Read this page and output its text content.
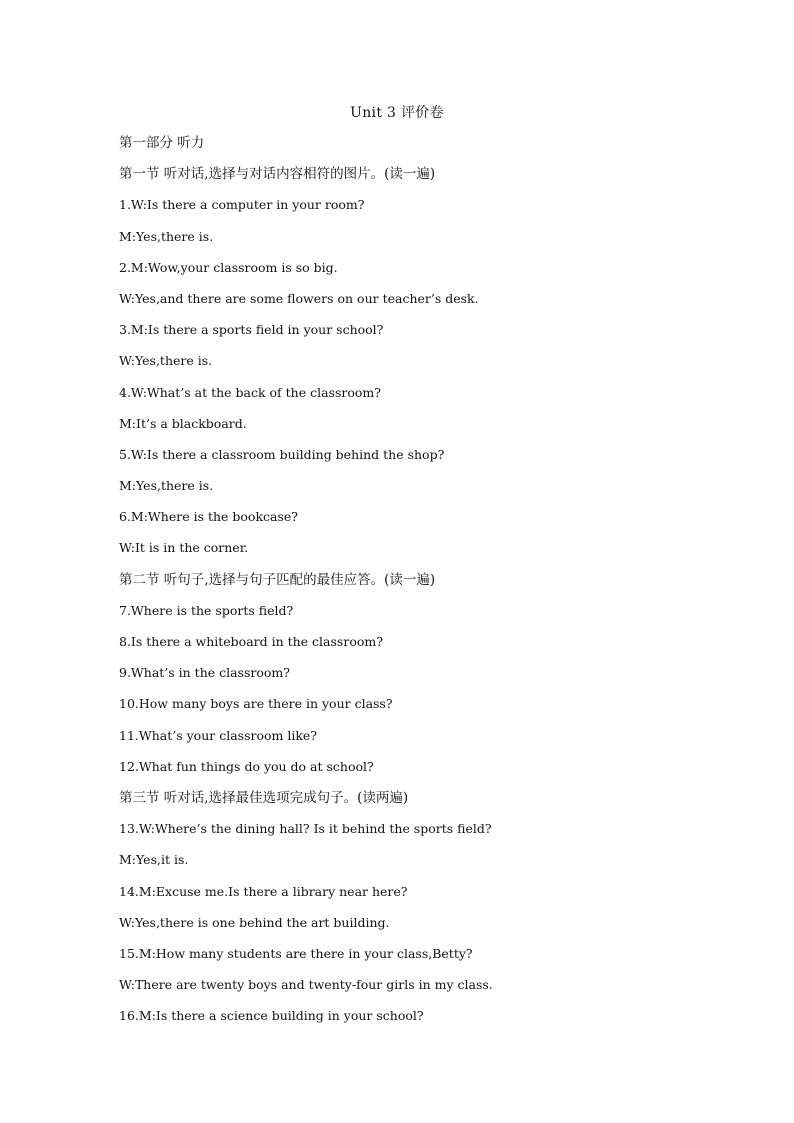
Unit 3 评价卷
第一部分 听力
第一节 听对话,选择与对话内容相符的图片。(读一遍)
1.W:Is there a computer in your room?
M:Yes,there is.
2.M:Wow,your classroom is so big.
W:Yes,and there are some flowers on our teacher’s desk.
3.M:Is there a sports field in your school?
W:Yes,there is.
4.W:What’s at the back of the classroom?
M:It’s a blackboard.
5.W:Is there a classroom building behind the shop?
M:Yes,there is.
6.M:Where is the bookcase?
W:It is in the corner.
第二节 听句子,选择与句子匹配的最佳应答。(读一遍)
7.Where is the sports field?
8.Is there a whiteboard in the classroom?
9.What’s in the classroom?
10.How many boys are there in your class?
11.What’s your classroom like?
12.What fun things do you do at school?
第三节 听对话,选择最佳选项完成句子。(读两遍)
13.W:Where’s the dining hall? Is it behind the sports field?
M:Yes,it is.
14.M:Excuse me.Is there a library near here?
W:Yes,there is one behind the art building.
15.M:How many students are there in your class,Betty?
W:There are twenty boys and twenty-four girls in my class.
16.M:Is there a science building in your school?
